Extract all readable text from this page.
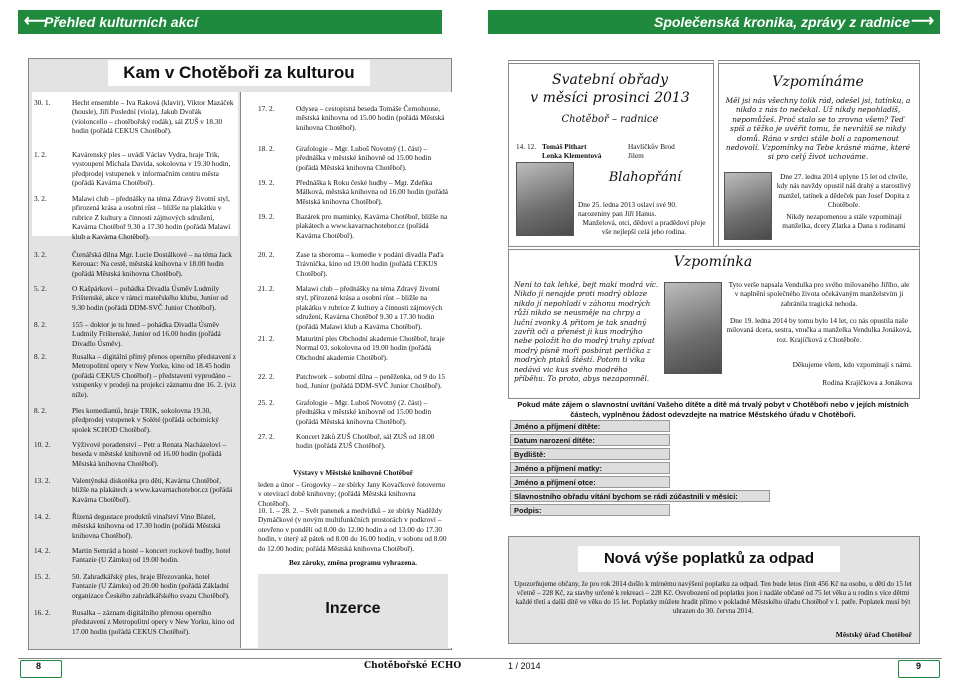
⟵
Přehled kulturních akcí	Společenská kronika, zprávy z radnice ⟶
Kam v Chotěboři za kulturou
30. 1.	Hecht ensemble – Iva Raková (klavír), Viktor Mazáček (housle), Jiří Poslední (viola), Jakub Dvořák (violoncello – chotěbořský rodák), sál ZUŠ v 18.30 hodin (pořádá CEKUS Chotěboř).
1. 2.	Kavárenský ples – uvádí Václav Vydra, hraje Trik, vystoupení Michala Davida, sokolovna v 19.30 hodin, předprodej vstupenek v informačním centru města (pořádá Kavárna Chotěboř).
3. 2.	Malawi club – přednášky na téma Zdravý životní styl, přirozená krása a osobní růst – bližše na plakátku v rubrice Z kultury a činnosti zájmových sdružení, Kavárna Chotěboř 9.30 a 17.30 hodin (pořádá Malawi klub a Kavárna Chotěboř).
3. 2.	Čtenářská dílna Mgr. Lucie Dostálkové – na téma Jack Kerouac: Na cestě, městská knihovna v 18.00 hodin (pořádá Městská knihovna Chotěboř).
5. 2.	O Kašpárkovi – pohádka Divadla Úsměv Ludmily Frištenské, akce v rámci mateřského klubu, Junior od 9.30 hodin (pořádá DDM-SVČ Junior Chotěboř).
8. 2.	155 – doktor je tu hned – pohádka Divadla Úsměv Ludmily Frištenské, Junior od 16.00 hodin (pořádá Divadlo Úsměv).
8. 2.	Rusalka – digitální přímý přenos operního představení z Metropolitní opery v New Yorku, kino od 18.45 hodin (pořádá CEKUS Chotěboř) – představení vyprodáno – vstupenky v prodeji na projekci záznamu dne 16. 2. (viz níže).
8. 2.	Ples komediantů, hraje TRIK, sokolovna 19.30, předprodej vstupenek v Solété (pořádá ochotnický spolek SCHOD Chotěboř).
10. 2.	Výživové poradenství – Petr a Renata Nacházelovi – beseda v městské knihovně od 16.00 hodin (pořádá Městská knihovna Chotěboř).
13. 2.	Valentýnská diskotéka pro děti, Kavárna Chotěboř, bližše na plakátech a www.kavarnachotebor.cz (pořádá Kavárna Chotěboř).
14. 2.	Řízená degustace produktů vinařství Vino Blatel, městská knihovna od 17.30 hodin (pořádá Městská knihovna Chotěboř).
14. 2.	Martin Semrád a hosté – koncert rockové hudby, hotel Fantazie (U Zámku) od 19.00 hodin.
15. 2.	50. Zahradkářský ples, hraje Březovanka, hotel Fantazie (U Zámku) od 20.00 hodin (pořádá Základní organizace Českého zahrádkářského svazu Chotěboř).
16. 2.	Rusalka – záznam digitálního přenosu operního představení z Metropolitní opery v New Yorku, kino od 17.00 hodin (pořádá CEKUS Chotěboř).
17. 2.	Odysea – cestopisná beseda Tomáše Černohouse, městská knihovna od 15.00 hodin (pořádá Městská knihovna Chotěboř).
18. 2.	Grafologie – Mgr. Luboš Novotný (1. část) – přednáška v městské knihovně od 15.00 hodin (pořádá Městská knihovna Chotěboř).
19. 2.	Přednáška k Roku české hudby – Mgr. Zdeňka Málková, městská knihovna od 16.00 hodin (pořádá Městská knihovna Chotěboř).
19. 2.	Bazárek pro maminky, Kavárna Chotěboř, bližše na plakátech a www.kavarnachotebor.cz (pořádá Kavárna Chotěboř).
20. 2.	Zase ta sboroma – komedie v podání divadla Paďa Trávníčka, kino od 19.00 hodin (pořádá CEKUS Chotěboř).
21. 2.	Malawi club – přednášky na téma Zdravý životní styl, přirozená krása a osobní růst – bližše na plakátku v rubrice Z kultury a činnosti zájmových sdružení, Kavárna Chotěboř 9.30 a 17.30 hodin (pořádá Malawi klub a Kavárna Chotěboř).
21. 2.	Maturitní ples Obchodní akademie Chotěboř, hraje Normal 03, sokolovna od 19.00 hodin (pořádá Obchodní akademie Chotěboř).
22. 2.	Patchwork – sobotní dílna – peněženka, od 9 do 15 hod, Junior (pořádá DDM-SVČ Junior Chotěboř).
25. 2.	Grafologie – Mgr. Luboš Novotný (2. část) – přednáška v městské knihovně od 15.00 hodin (pořádá Městská knihovna Chotěboř).
27. 2.	Koncert žáků ZUŠ Chotěboř, sál ZUŠ od 18.00 hodin (pořádá ZUŠ Chotěboř).
Výstavy v Městské knihovně Chotěboř
leden a únor – Grogovky – ze sbírky Jany Kovačkové fotoverno v otevírací době knihovny; (pořádá Městská knihovna Chotěboř).
10. 1. – 28. 2. – Svět panenek a medvídků – ze sbírky Naděždy Dymáčkové (v novým multifunkčních prostorách v podkroví – otevřeno v pondělí od 8.00 do 12.00 hodin a od 13.00 do 17.30 hodin, v úterý až pátek od 8.00 do 16.00 hodin, v sobotu od 8.00 do 12.00 hodin; pořádá Městská knihovna Chotěboř).
Bez záruky, změna programu vyhrazena.
Inzerce
Svatební obřady
v měsíci prosinci 2013
Chotěboř – radnice
14. 12. Tomáš Pithart	Havlíčkův Brod
Lenka Klementová	Jilem
Blahopřání
Dne 25. ledna 2013 oslaví své 90. narozeniny pan Jiří Hanus.
Manželová, otci, dědoví a pradědoví přeje vše nejlepší celá jeho rodina.
Vzpomínáme
Měl jsi nás všechny tolik rád, odešel jsi, tatínku, a nikdo z nás to nečekal. Už nikdy nepohladíš, nepomůžeš. Proč stalo se to zrovna všem? Teď spíš a těžko je uvěřit tomu, že nevrátíš se nikdy domů. Rána v srdci stále bolí a zapomenout nedovolí. Vzpomínky na Tebe krásné máme, které si pro celý život uchováme.
Dne 27. ledna 2014 uplyne 15 let od chvíle, kdy nás navždy opustil náš drahý a starostlivý manžel, tatínek a dědeček pan Josef Dopita z Chotěboře.
Nikdy nezapomenou a stále vzpomínají manželka, dcery Zlatka a Dana s rodinami
Vzpomínka
Není to tak lehké, bejt maki modrá víc. Nikdo jí nenajde proti modrý obloze nikdo jí nepohladí v záhonu modrých růží nikdo se neusměje na chrpy a luční zvonky A přitom je tak snadný zavřít oči a přenést ji kus modrýho nebe položit ho do modrý truhy zpívat modrý písně moři posbírat perlička z modrých ptaků štěstí. Potom ti víka nedává vic kus svého modrého příběhu. To proto, abys nezapomněl.
Tyto verše napsala Vendulka pro svého milovaného Jiřího, ale v naplnění společného života očekávaným manželstvím ji zabránila tragická nehoda.
Dne 19. ledna 2014 by tomu bylo 14 let, co nás opustila naše milovaná dcera, sestra, vnučka a manželka Vendulka Jonáková, roz. Krajíčková z Chotěboře.
Děkujeme všem, kdo vzpomínají s námi.
Rodina Krajíčkova a Jonákova
Pokud máte zájem o slavnostní uvítání Vašeho dítěte a dítě má trvalý pobyt v Chotěboři nebo v jejích místních částech, vyplněnou žádost odevzdejte na matrice Městského úřadu v Chotěboři.
Jméno a příjmení dítěte:
Datum narození dítěte:
Bydliště:
Jméno a příjmení matky:
Jméno a příjmení otce:
Slavnostního obřadu vítání bychom se rádi zúčastnili v měsíci:
Podpis:
Nová výše poplatků za odpad
Upozorňujeme občany, že pro rok 2014 došlo k mírnému navýšení poplatku za odpad. Ten bude letos činit 456 Kč na osobu, u dětí do 15 let včetně – 228 Kč, za stavby určené k rekreaci – 228 Kč. Osvobození od poplatku jsou i nadále občané od 75 let věku a u rodin s více dětmi každé třetí a další dítě ve věku do 15 let. Poplatky můžete hradit přímo v pokladně Městského úřadu Chotěboř v I. patře. Poplatek musí být uhrazen do 30. června 2014.
Městský úřad Chotěboř
8	Chotěbořské ECHO	1 / 2014	9
